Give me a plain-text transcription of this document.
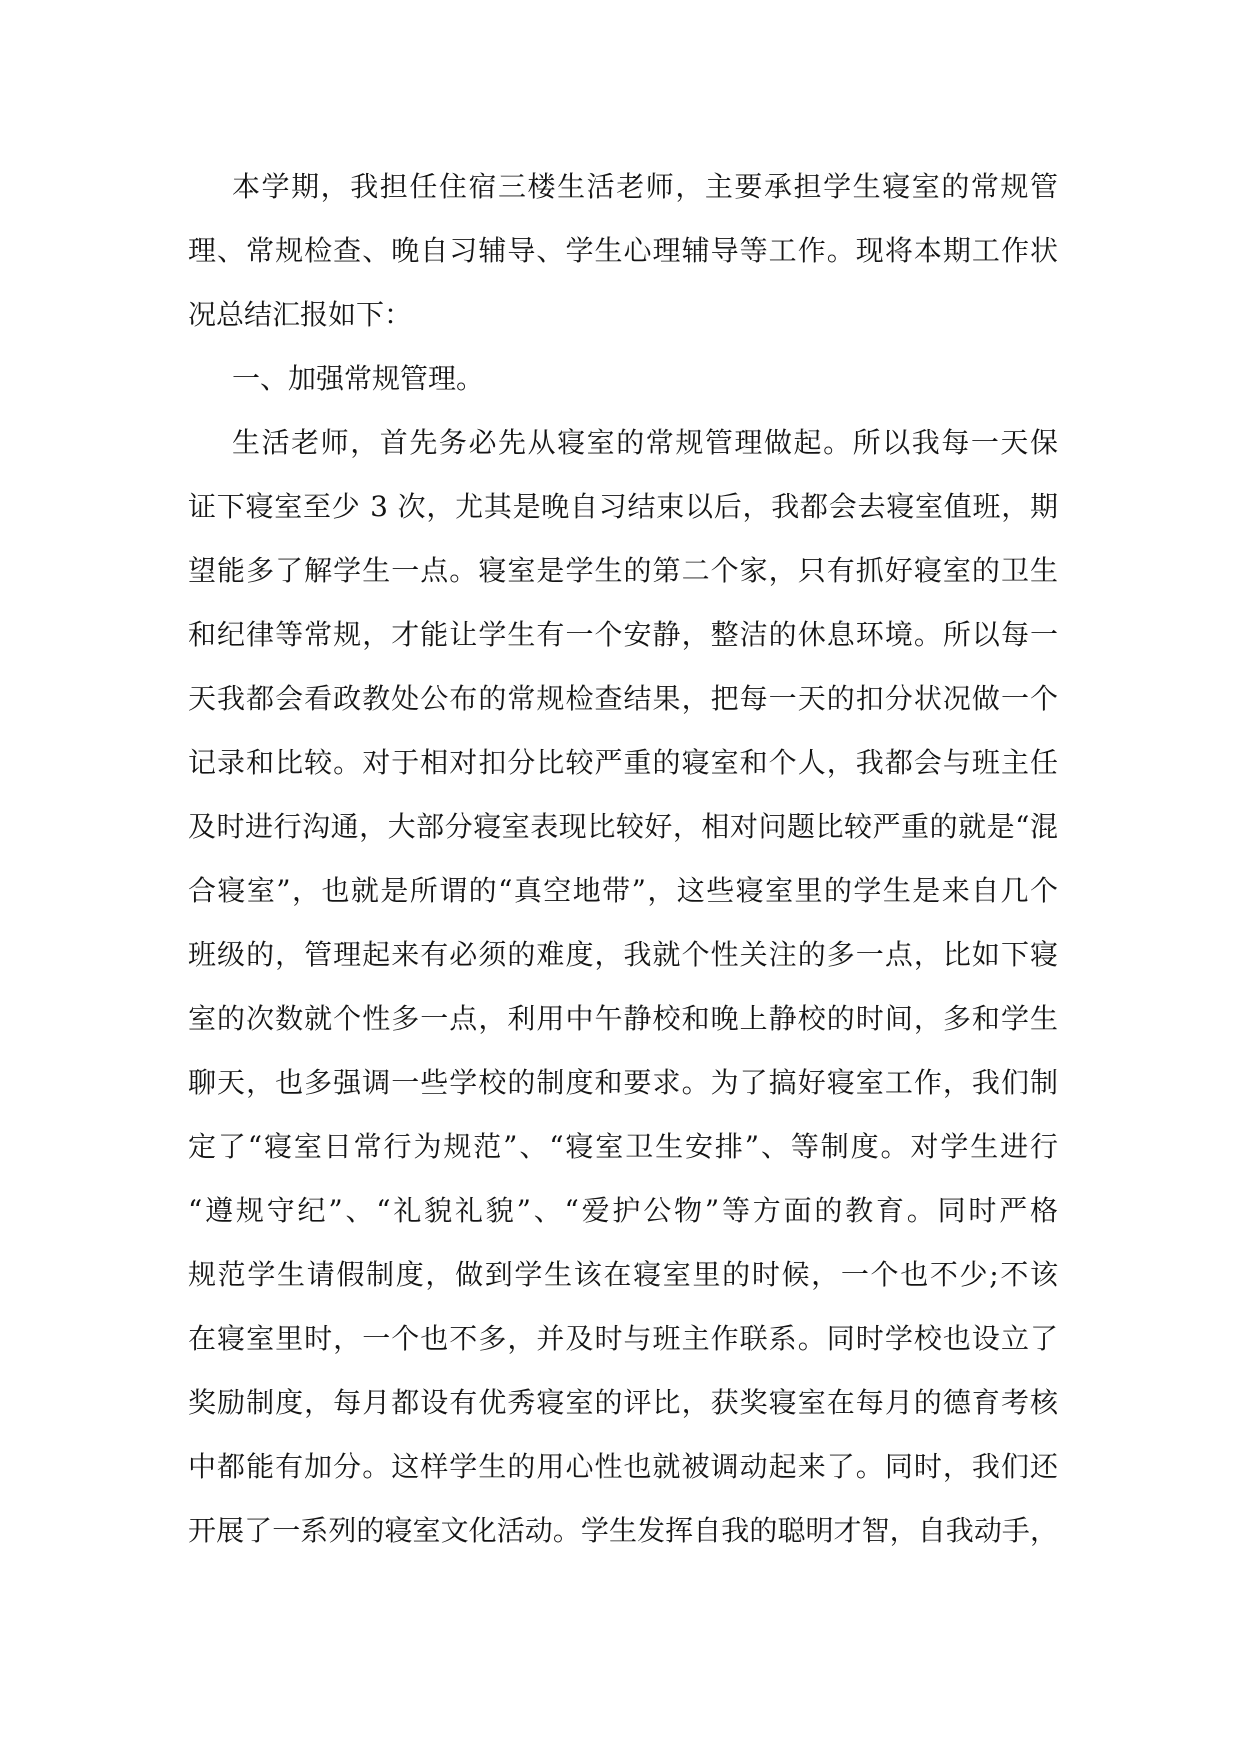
本学期，我担任住宿三楼生活老师，主要承担学生寝室的常规管
理、常规检查、晚自习辅导、学生心理辅导等工作。现将本期工作状
况总结汇报如下：
一、加强常规管理。
生活老师，首先务必先从寝室的常规管理做起。所以我每一天保
证下寝室至少 3 次，尤其是晚自习结束以后，我都会去寝室值班，期
望能多了解学生一点。寝室是学生的第二个家，只有抓好寝室的卫生
和纪律等常规，才能让学生有一个安静，整洁的休息环境。所以每一
天我都会看政教处公布的常规检查结果，把每一天的扣分状况做一个
记录和比较。对于相对扣分比较严重的寝室和个人，我都会与班主任
及时进行沟通，大部分寝室表现比较好，相对问题比较严重的就是“混
合寝室”，也就是所谓的“真空地带”，这些寝室里的学生是来自几个
班级的，管理起来有必须的难度，我就个性关注的多一点，比如下寝
室的次数就个性多一点，利用中午静校和晚上静校的时间，多和学生
聊天，也多强调一些学校的制度和要求。为了搞好寝室工作，我们制
定了“寝室日常行为规范”、“寝室卫生安排”、等制度。对学生进行
“遵规守纪”、“礼貌礼貌”、“爱护公物”等方面的教育。同时严格
规范学生请假制度，做到学生该在寝室里的时候，一个也不少;不该
在寝室里时，一个也不多，并及时与班主作联系。同时学校也设立了
奖励制度，每月都设有优秀寝室的评比，获奖寝室在每月的德育考核
中都能有加分。这样学生的用心性也就被调动起来了。同时，我们还
开展了一系列的寝室文化活动。学生发挥自我的聪明才智，自我动手，
